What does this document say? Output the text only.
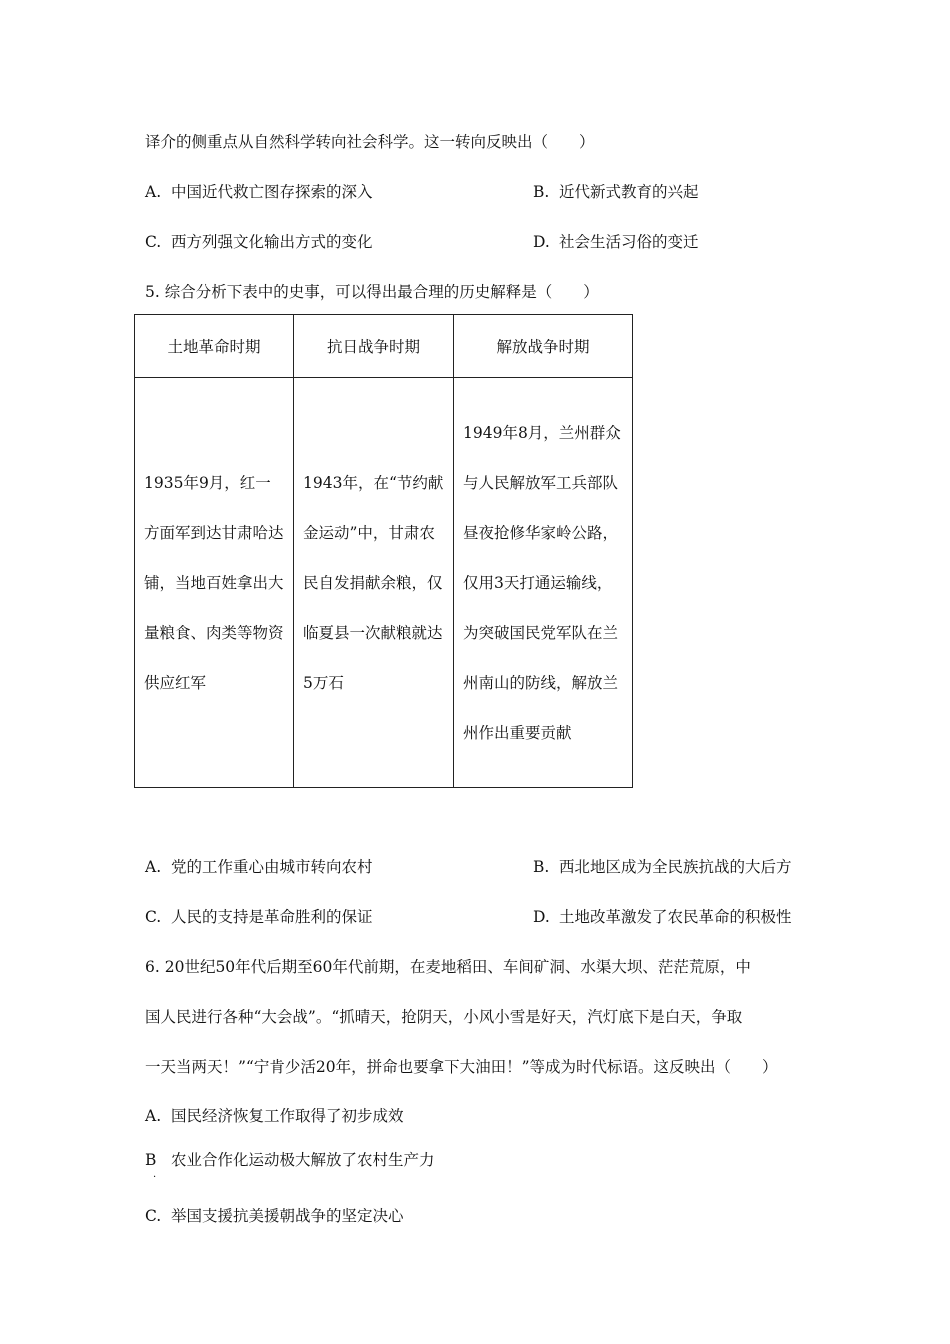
译介的侧重点从自然科学转向社会科学。这一转向反映出（　　）
A. 中国近代救亡图存探索的深入	B. 近代新式教育的兴起
C. 西方列强文化输出方式的变化	D. 社会生活习俗的变迁
5. 综合分析下表中的史事，可以得出最合理的历史解释是（　　）
土地革命时期	抗日战争时期	解放战争时期

1935年9月，红一方面军到达甘肃哈达铺，当地百姓拿出大量粮食、肉类等物资供应红军	1943年，在“节约献金运动”中，甘肃农民自发捐献余粮，仅临夏县一次献粮就达5万石	1949年8月，兰州群众与人民解放军工兵部队昼夜抢修华家岭公路，仅用3天打通运输线，为突破国民党军队在兰州南山的防线，解放兰州作出重要贡献
A. 党的工作重心由城市转向农村	B. 西北地区成为全民族抗战的大后方
C. 人民的支持是革命胜利的保证	D. 土地改革激发了农民革命的积极性
6. 20世纪50年代后期至60年代前期，在麦地稻田、车间矿洞、水渠大坝、茫茫荒原，中
国人民进行各种“大会战”。“抓晴天，抢阴天，小风小雪是好天，汽灯底下是白天，争取
一天当两天！”“宁肯少活20年，拼命也要拿下大油田！”等成为时代标语。这反映出（　　）
A. 国民经济恢复工作取得了初步成效
B 农业合作化运动极大解放了农村生产力
·
C. 举国支援抗美援朝战争的坚定决心
